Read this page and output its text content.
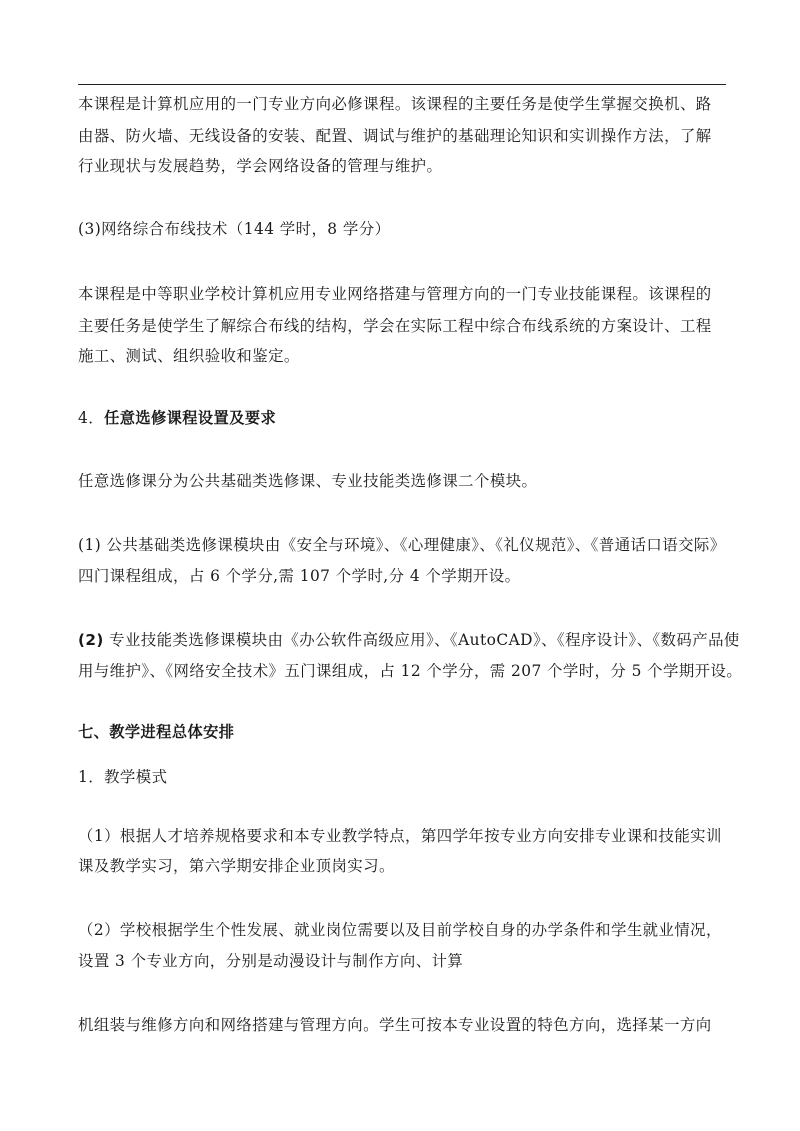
本课程是计算机应用的一门专业方向必修课程。该课程的主要任务是使学生掌握交换机、路
由器、防火墙、无线设备的安装、配置、调试与维护的基础理论知识和实训操作方法，了解
行业现状与发展趋势，学会网络设备的管理与维护。
(3)网络综合布线技术（144 学时，8 学分）
本课程是中等职业学校计算机应用专业网络搭建与管理方向的一门专业技能课程。该课程的
主要任务是使学生了解综合布线的结构，学会在实际工程中综合布线系统的方案设计、工程
施工、测试、组织验收和鉴定。
4．任意选修课程设置及要求
任意选修课分为公共基础类选修课、专业技能类选修课二个模块。
(1) 公共基础类选修课模块由《安全与环境》、《心理健康》、《礼仪规范》、《普通话口语交际》
四门课程组成，占 6 个学分,需 107 个学时,分 4 个学期开设。
(2) 专业技能类选修课模块由《办公软件高级应用》、《AutoCAD》、《程序设计》、《数码产品使
用与维护》、《网络安全技术》五门课组成，占 12 个学分，需 207 个学时，分 5 个学期开设。
七、教学进程总体安排
1．教学模式
（1）根据人才培养规格要求和本专业教学特点，第四学年按专业方向安排专业课和技能实训
课及教学实习，第六学期安排企业顶岗实习。
（2）学校根据学生个性发展、就业岗位需要以及目前学校自身的办学条件和学生就业情况，
设置 3 个专业方向，分别是动漫设计与制作方向、计算
机组装与维修方向和网络搭建与管理方向。学生可按本专业设置的特色方向，选择某一方向
